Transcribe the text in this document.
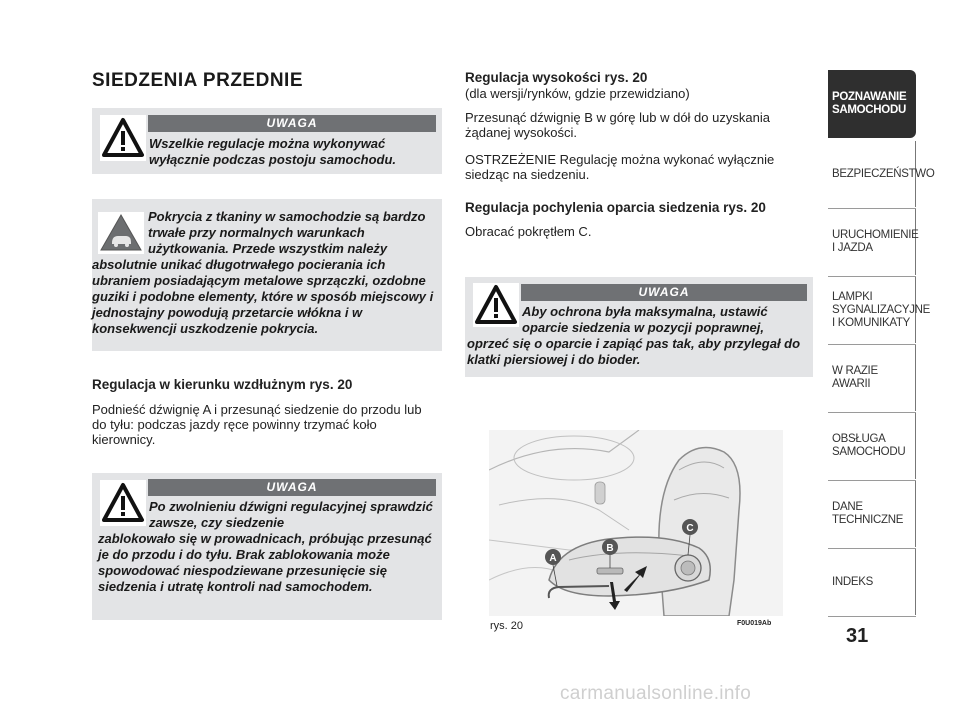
SIEDZENIA PRZEDNIE
UWAGA
Wszelkie regulacje można wykonywać wyłącznie podczas postoju samochodu.
Pokrycia z tkaniny w samochodzie są bardzo trwałe przy normalnych warunkach użytkowania. Przede wszystkim należy
absolutnie unikać długotrwałego pocierania ich ubraniem posiadającym metalowe sprzączki, ozdobne guziki i podobne elementy, które w sposób miejscowy i jednostajny powodują przetarcie włókna i w konsekwencji uszkodzenie pokrycia.
Regulacja w kierunku wzdłużnym rys. 20
Podnieść dźwignię A i przesunąć siedzenie do przodu lub do tyłu: podczas jazdy ręce powinny trzymać koło kierownicy.
UWAGA
Po zwolnieniu dźwigni regulacyjnej sprawdzić zawsze, czy siedzenie
zablokowało się w prowadnicach, próbując przesunąć je do przodu i do tyłu. Brak zablokowania może spowodować niespodziewane przesunięcie się siedzenia i utratę kontroli nad samochodem.
Regulacja wysokości rys. 20
(dla wersji/rynków, gdzie przewidziano)
Przesunąć dźwignię B w górę lub w dół do uzyskania żądanej wysokości.
OSTRZEŻENIE Regulację można wykonać wyłącznie siedząc na siedzeniu.
Regulacja pochylenia oparcia siedzenia rys. 20
Obracać pokrętłem C.
UWAGA
Aby ochrona była maksymalna, ustawić oparcie siedzenia w pozycji poprawnej,
oprzeć się o oparcie i zapiąć pas tak, aby przylegał do klatki piersiowej i do bioder.
C
B
A
rys. 20	F0U019Ab
POZNAWANIE SAMOCHODU
BEZPIECZEŃSTWO
URUCHOMIENIE I JAZDA
LAMPKI SYGNALIZACYJNE I KOMUNIKATY
W RAZIE AWARII
OBSŁUGA SAMOCHODU
DANE TECHNICZNE
INDEKS
31
carmanualsonline.info
